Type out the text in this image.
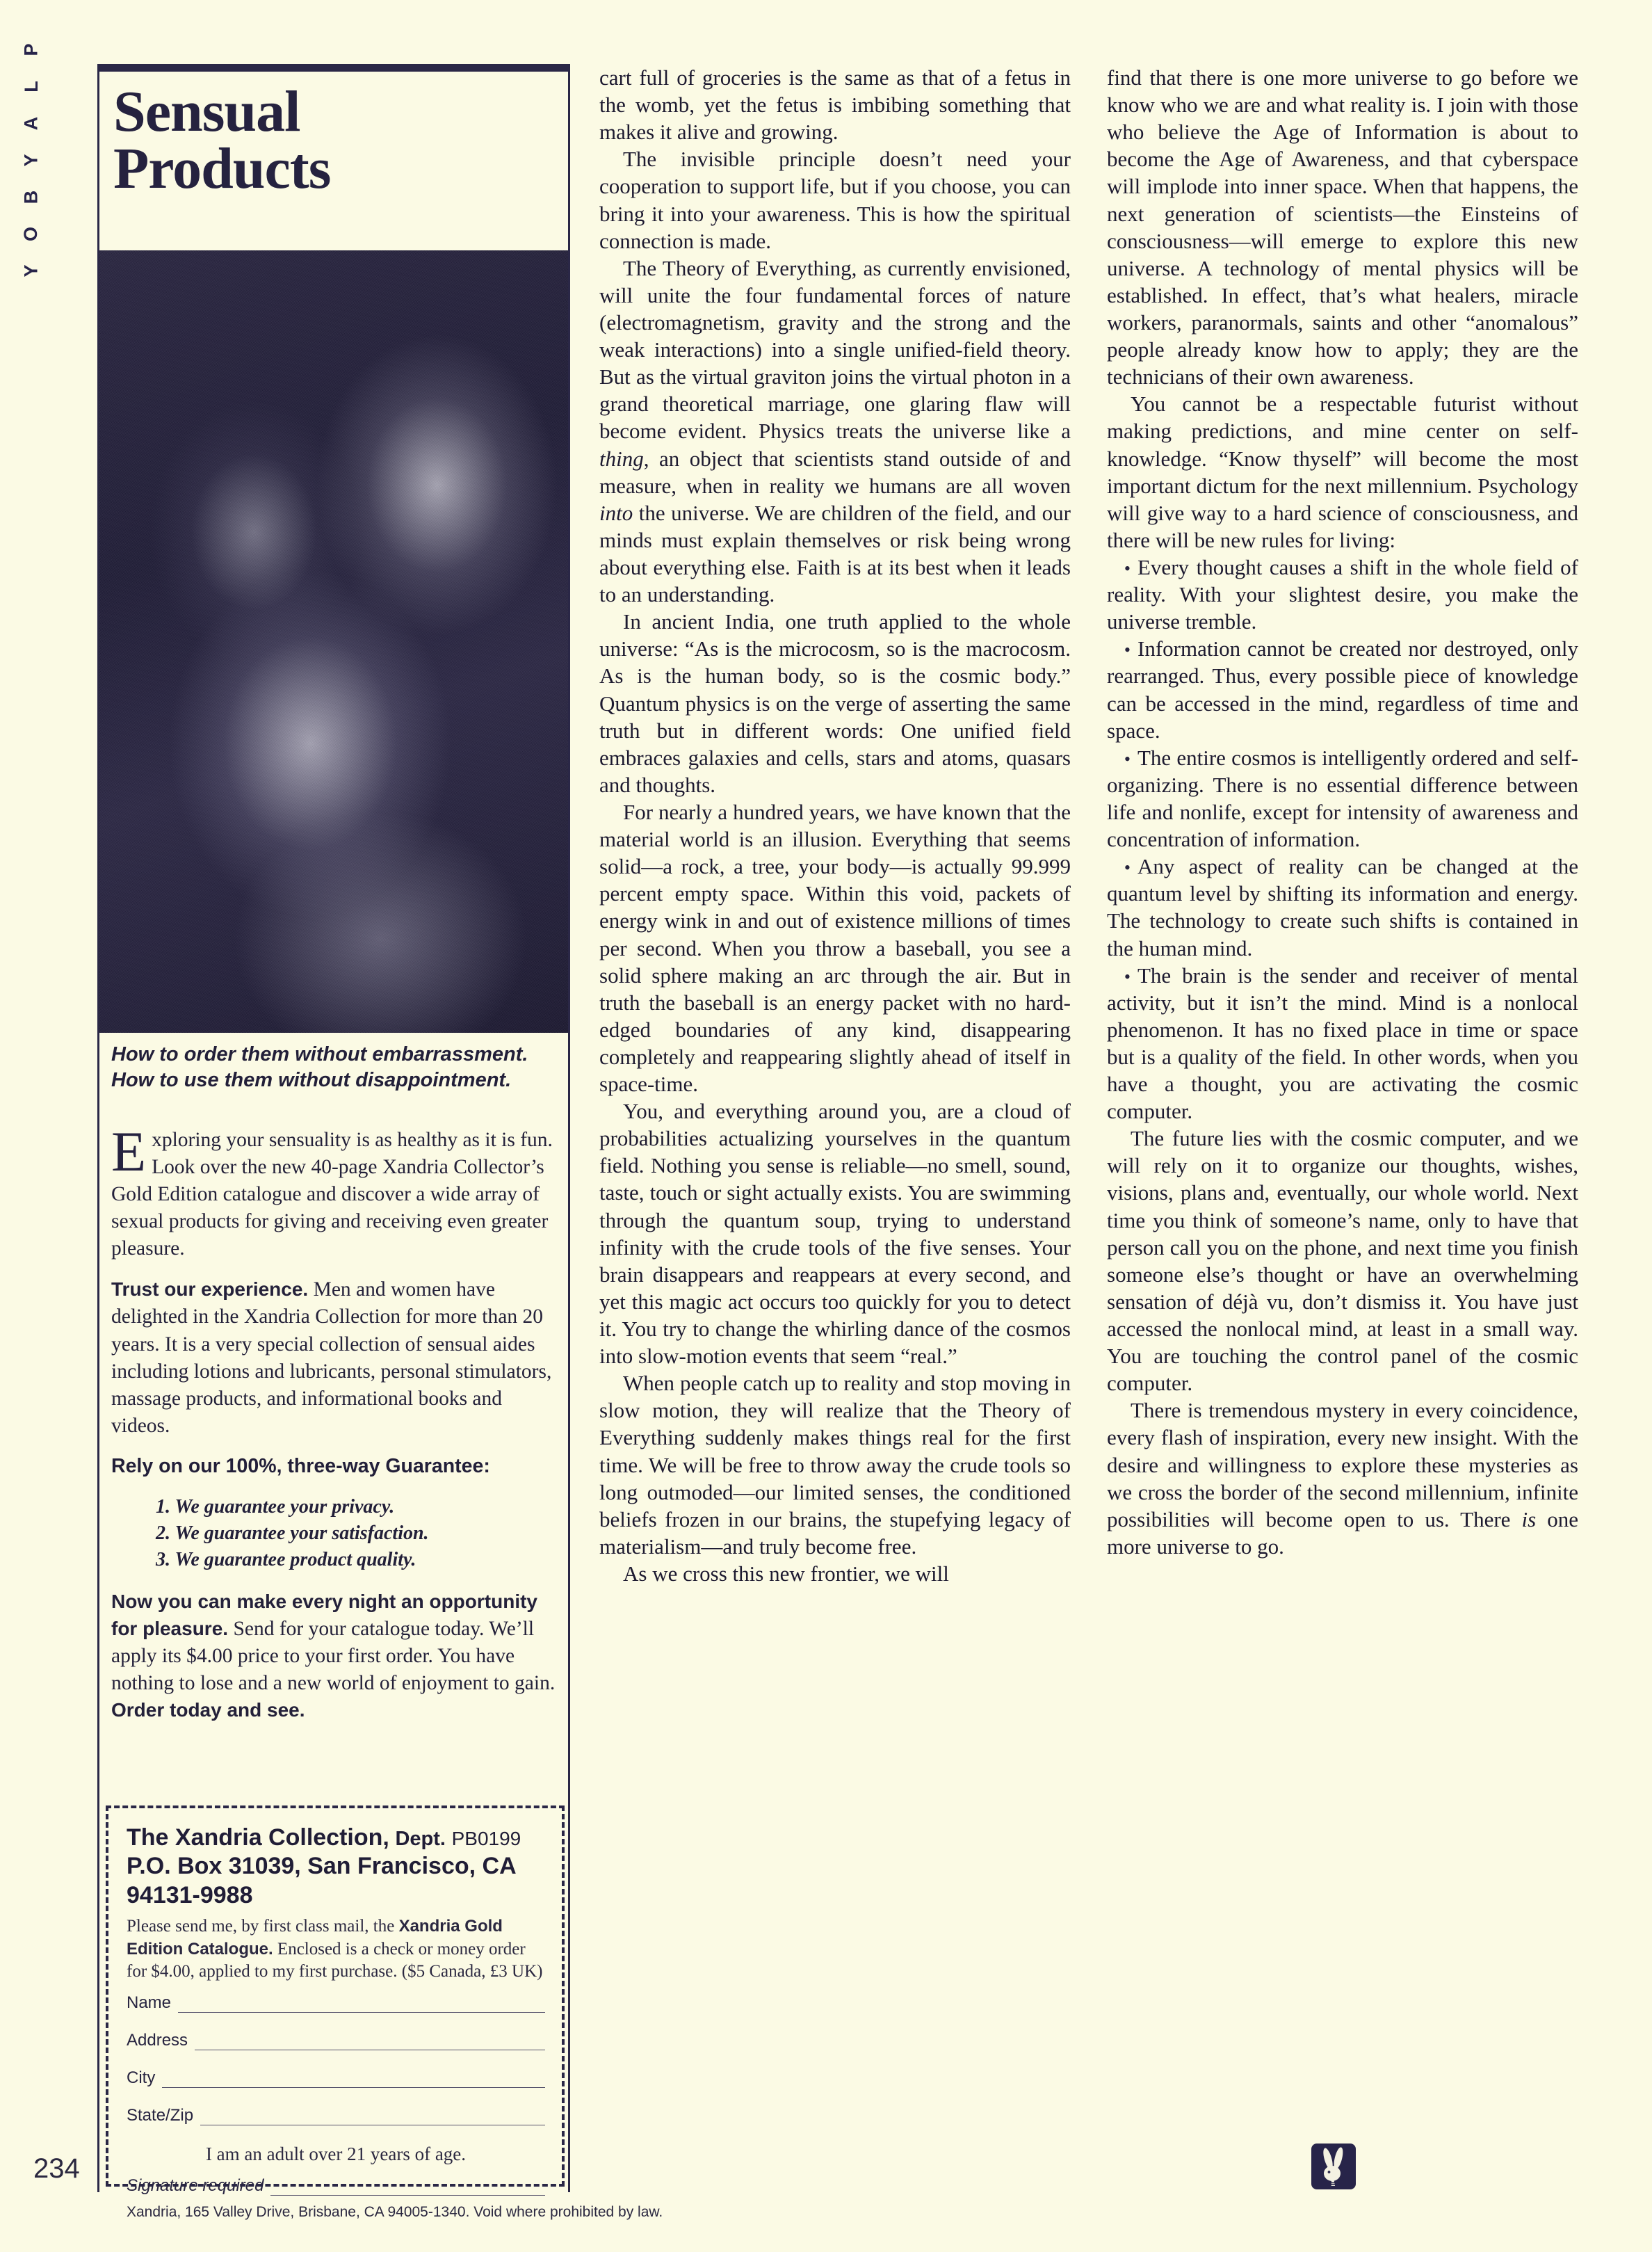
P
L
A
Y
B
O
Y
Sensual
Products
How to order them without embarrassment.
How to use them without disappointment.

Exploring your sensuality is as healthy as it is fun. Look over the new 40-page Xandria Collector’s Gold Edition catalogue and discover a wide array of sexual products for giving and receiving even greater pleasure.

Trust our experience. Men and women have delighted in the Xandria Collection for more than 20 years. It is a very special collection of sensual aides including lotions and lubricants, personal stimulators, massage products, and informational books and videos.

Rely on our 100%, three-way Guarantee:

1. We guarantee your privacy.
2. We guarantee your satisfaction.
3. We guarantee product quality.

Now you can make every night an opportunity for pleasure. Send for your catalogue today. We’ll apply its $4.00 price to your first order. You have nothing to lose and a new world of enjoyment to gain. Order today and see.

The Xandria Collection, Dept. PB0199
P.O. Box 31039, San Francisco, CA 94131-9988

Please send me, by first class mail, the Xandria Gold Edition Catalogue. Enclosed is a check or money order for $4.00, applied to my first purchase. ($5 Canada, £3 UK)

Name
Address
City
State/Zip
I am an adult over 21 years of age.
Signature required
Xandria, 165 Valley Drive, Brisbane, CA 94005-1340. Void where prohibited by law.
234

cart full of groceries is the same as that of a fetus in the womb, yet the fetus is imbibing something that makes it alive and growing.

The invisible principle doesn’t need your cooperation to support life, but if you choose, you can bring it into your awareness. This is how the spiritual connection is made.

The Theory of Everything, as currently envisioned, will unite the four fundamental forces of nature (electromagnetism, gravity and the strong and the weak interactions) into a single unified-field theory. But as the virtual graviton joins the virtual photon in a grand theoretical marriage, one glaring flaw will become evident. Physics treats the universe like a thing, an object that scientists stand outside of and measure, when in reality we humans are all woven into the universe. We are children of the field, and our minds must explain themselves or risk being wrong about everything else. Faith is at its best when it leads to an understanding.

In ancient India, one truth applied to the whole universe: “As is the microcosm, so is the macrocosm. As is the human body, so is the cosmic body.” Quantum physics is on the verge of asserting the same truth but in different words: One unified field embraces galaxies and cells, stars and atoms, quasars and thoughts.

For nearly a hundred years, we have known that the material world is an illusion. Everything that seems solid—a rock, a tree, your body—is actually 99.999 percent empty space. Within this void, packets of energy wink in and out of existence millions of times per second. When you throw a baseball, you see a solid sphere making an arc through the air. But in truth the baseball is an energy packet with no hard-edged boundaries of any kind, disappearing completely and reappearing slightly ahead of itself in space-time.

You, and everything around you, are a cloud of probabilities actualizing yourselves in the quantum field. Nothing you sense is reliable—no smell, sound, taste, touch or sight actually exists. You are swimming through the quantum soup, trying to understand infinity with the crude tools of the five senses. Your brain disappears and reappears at every second, and yet this magic act occurs too quickly for you to detect it. You try to change the whirling dance of the cosmos into slow-motion events that seem “real.”

When people catch up to reality and stop moving in slow motion, they will realize that the Theory of Everything suddenly makes things real for the first time. We will be free to throw away the crude tools so long outmoded—our limited senses, the conditioned beliefs frozen in our brains, the stupefying legacy of materialism—and truly become free.

As we cross this new frontier, we will

find that there is one more universe to go before we know who we are and what reality is. I join with those who believe the Age of Information is about to become the Age of Awareness, and that cyberspace will implode into inner space. When that happens, the next generation of scientists—the Einsteins of consciousness—will emerge to explore this new universe. A technology of mental physics will be established. In effect, that’s what healers, miracle workers, paranormals, saints and other “anomalous” people already know how to apply; they are the technicians of their own awareness.

You cannot be a respectable futurist without making predictions, and mine center on self-knowledge. “Know thyself” will become the most important dictum for the next millennium. Psychology will give way to a hard science of consciousness, and there will be new rules for living:

• Every thought causes a shift in the whole field of reality. With your slightest desire, you make the universe tremble.

• Information cannot be created nor destroyed, only rearranged. Thus, every possible piece of knowledge can be accessed in the mind, regardless of time and space.

• The entire cosmos is intelligently ordered and self-organizing. There is no essential difference between life and nonlife, except for intensity of awareness and concentration of information.

• Any aspect of reality can be changed at the quantum level by shifting its information and energy. The technology to create such shifts is contained in the human mind.

• The brain is the sender and receiver of mental activity, but it isn’t the mind. Mind is a nonlocal phenomenon. It has no fixed place in time or space but is a quality of the field. In other words, when you have a thought, you are activating the cosmic computer.

The future lies with the cosmic computer, and we will rely on it to organize our thoughts, wishes, visions, plans and, eventually, our whole world. Next time you think of someone’s name, only to have that person call you on the phone, and next time you finish someone else’s thought or have an overwhelming sensation of déjà vu, don’t dismiss it. You have just accessed the nonlocal mind, at least in a small way. You are touching the control panel of the cosmic computer.

There is tremendous mystery in every coincidence, every flash of inspiration, every new insight. With the desire and willingness to explore these mysteries as we cross the border of the second millennium, infinite possibilities will become open to us. There is one more universe to go.
